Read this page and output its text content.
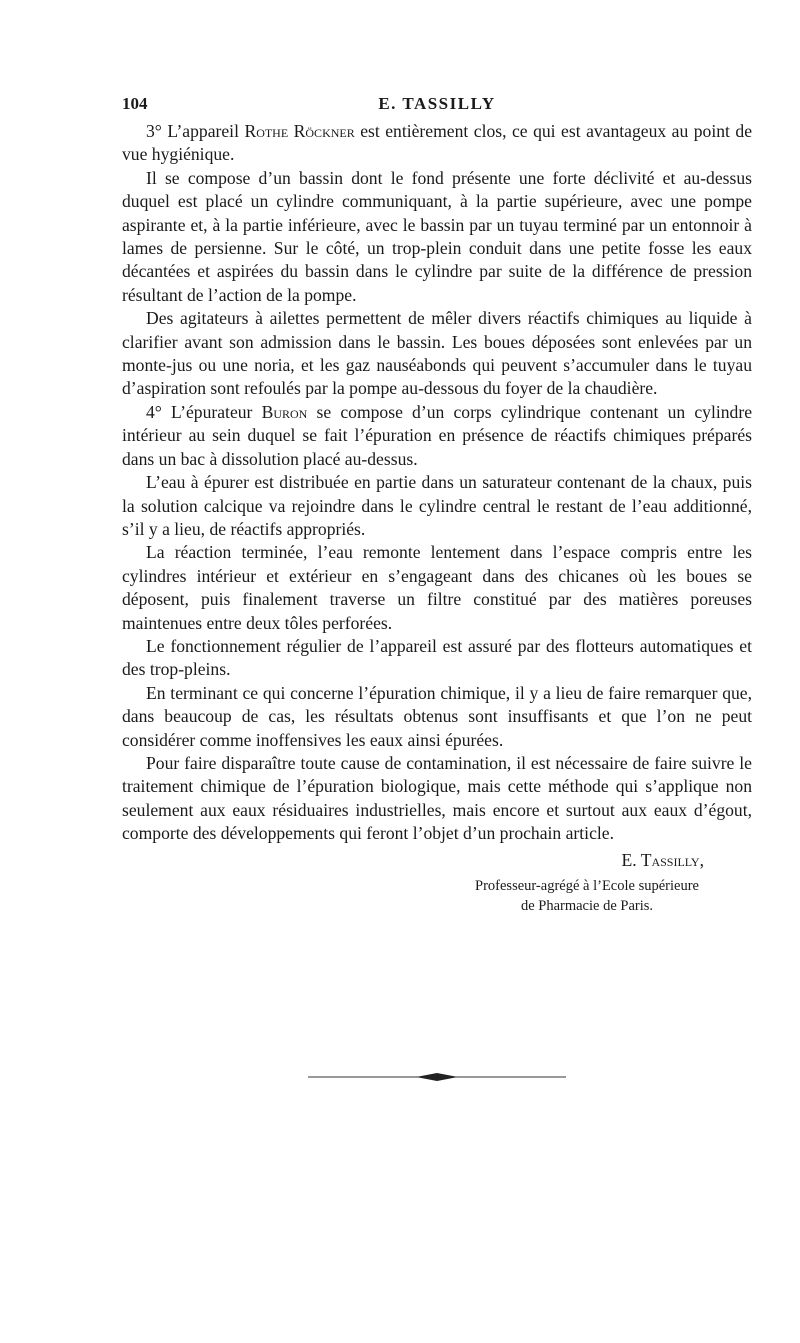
104	E. TASSILLY

3° L’appareil Rothe Röckner est entièrement clos, ce qui est avantageux au point de vue hygiénique.

Il se compose d’un bassin dont le fond présente une forte déclivité et au-dessus duquel est placé un cylindre communiquant, à la partie supérieure, avec une pompe aspirante et, à la partie inférieure, avec le bassin par un tuyau terminé par un entonnoir à lames de persienne. Sur le côté, un trop-plein conduit dans une petite fosse les eaux décantées et aspirées du bassin dans le cylindre par suite de la différence de pression résultant de l’action de la pompe.

Des agitateurs à ailettes permettent de mêler divers réactifs chimiques au liquide à clarifier avant son admission dans le bassin. Les boues déposées sont enlevées par un monte-jus ou une noria, et les gaz nauséabonds qui peuvent s’accumuler dans le tuyau d’aspiration sont refoulés par la pompe au-dessous du foyer de la chaudière.

4° L’épurateur Buron se compose d’un corps cylindrique contenant un cylindre intérieur au sein duquel se fait l’épuration en présence de réactifs chimiques préparés dans un bac à dissolution placé au-dessus.

L’eau à épurer est distribuée en partie dans un saturateur contenant de la chaux, puis la solution calcique va rejoindre dans le cylindre central le restant de l’eau additionné, s’il y a lieu, de réactifs appropriés.

La réaction terminée, l’eau remonte lentement dans l’espace compris entre les cylindres intérieur et extérieur en s’engageant dans des chicanes où les boues se déposent, puis finalement traverse un filtre constitué par des matières poreuses maintenues entre deux tôles perforées.

Le fonctionnement régulier de l’appareil est assuré par des flotteurs automatiques et des trop-pleins.

En terminant ce qui concerne l’épuration chimique, il y a lieu de faire remarquer que, dans beaucoup de cas, les résultats obtenus sont insuffisants et que l’on ne peut considérer comme inoffensives les eaux ainsi épurées.

Pour faire disparaître toute cause de contamination, il est nécessaire de faire suivre le traitement chimique de l’épuration biologique, mais cette méthode qui s’applique non seulement aux eaux résiduaires industrielles, mais encore et surtout aux eaux d’égout, comporte des développements qui feront l’objet d’un prochain article.

E. Tassilly,
Professeur-agrégé à l’Ecole supérieure
de Pharmacie de Paris.
